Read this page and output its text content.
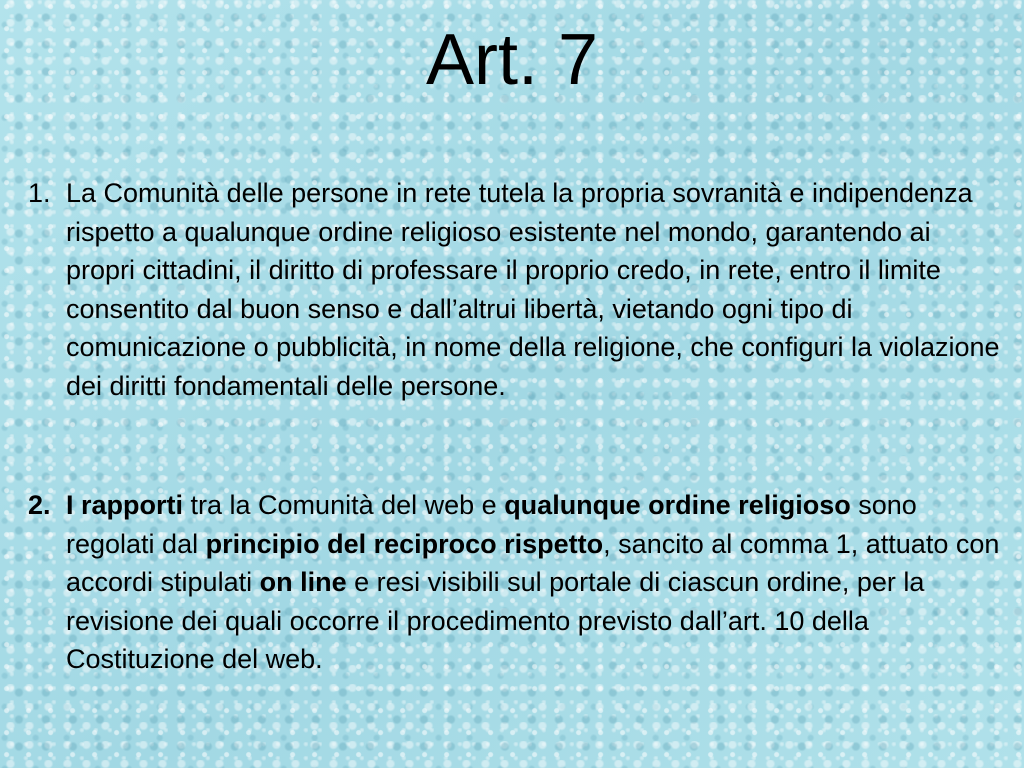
Art. 7

1. La Comunità delle persone in rete tutela la propria sovranità e indipendenza rispetto a qualunque ordine religioso esistente nel mondo, garantendo ai propri cittadini, il diritto di professare il proprio credo, in rete, entro il limite consentito dal buon senso e dall’altrui libertà, vietando ogni tipo di comunicazione o pubblicità, in nome della religione, che configuri la violazione dei diritti fondamentali delle persone.

2. I rapporti tra la Comunità del web e qualunque ordine religioso sono regolati dal principio del reciproco rispetto, sancito al comma 1, attuato con accordi stipulati on line e resi visibili sul portale di ciascun ordine, per la revisione dei quali occorre il procedimento previsto dall’art. 10 della Costituzione del web.
